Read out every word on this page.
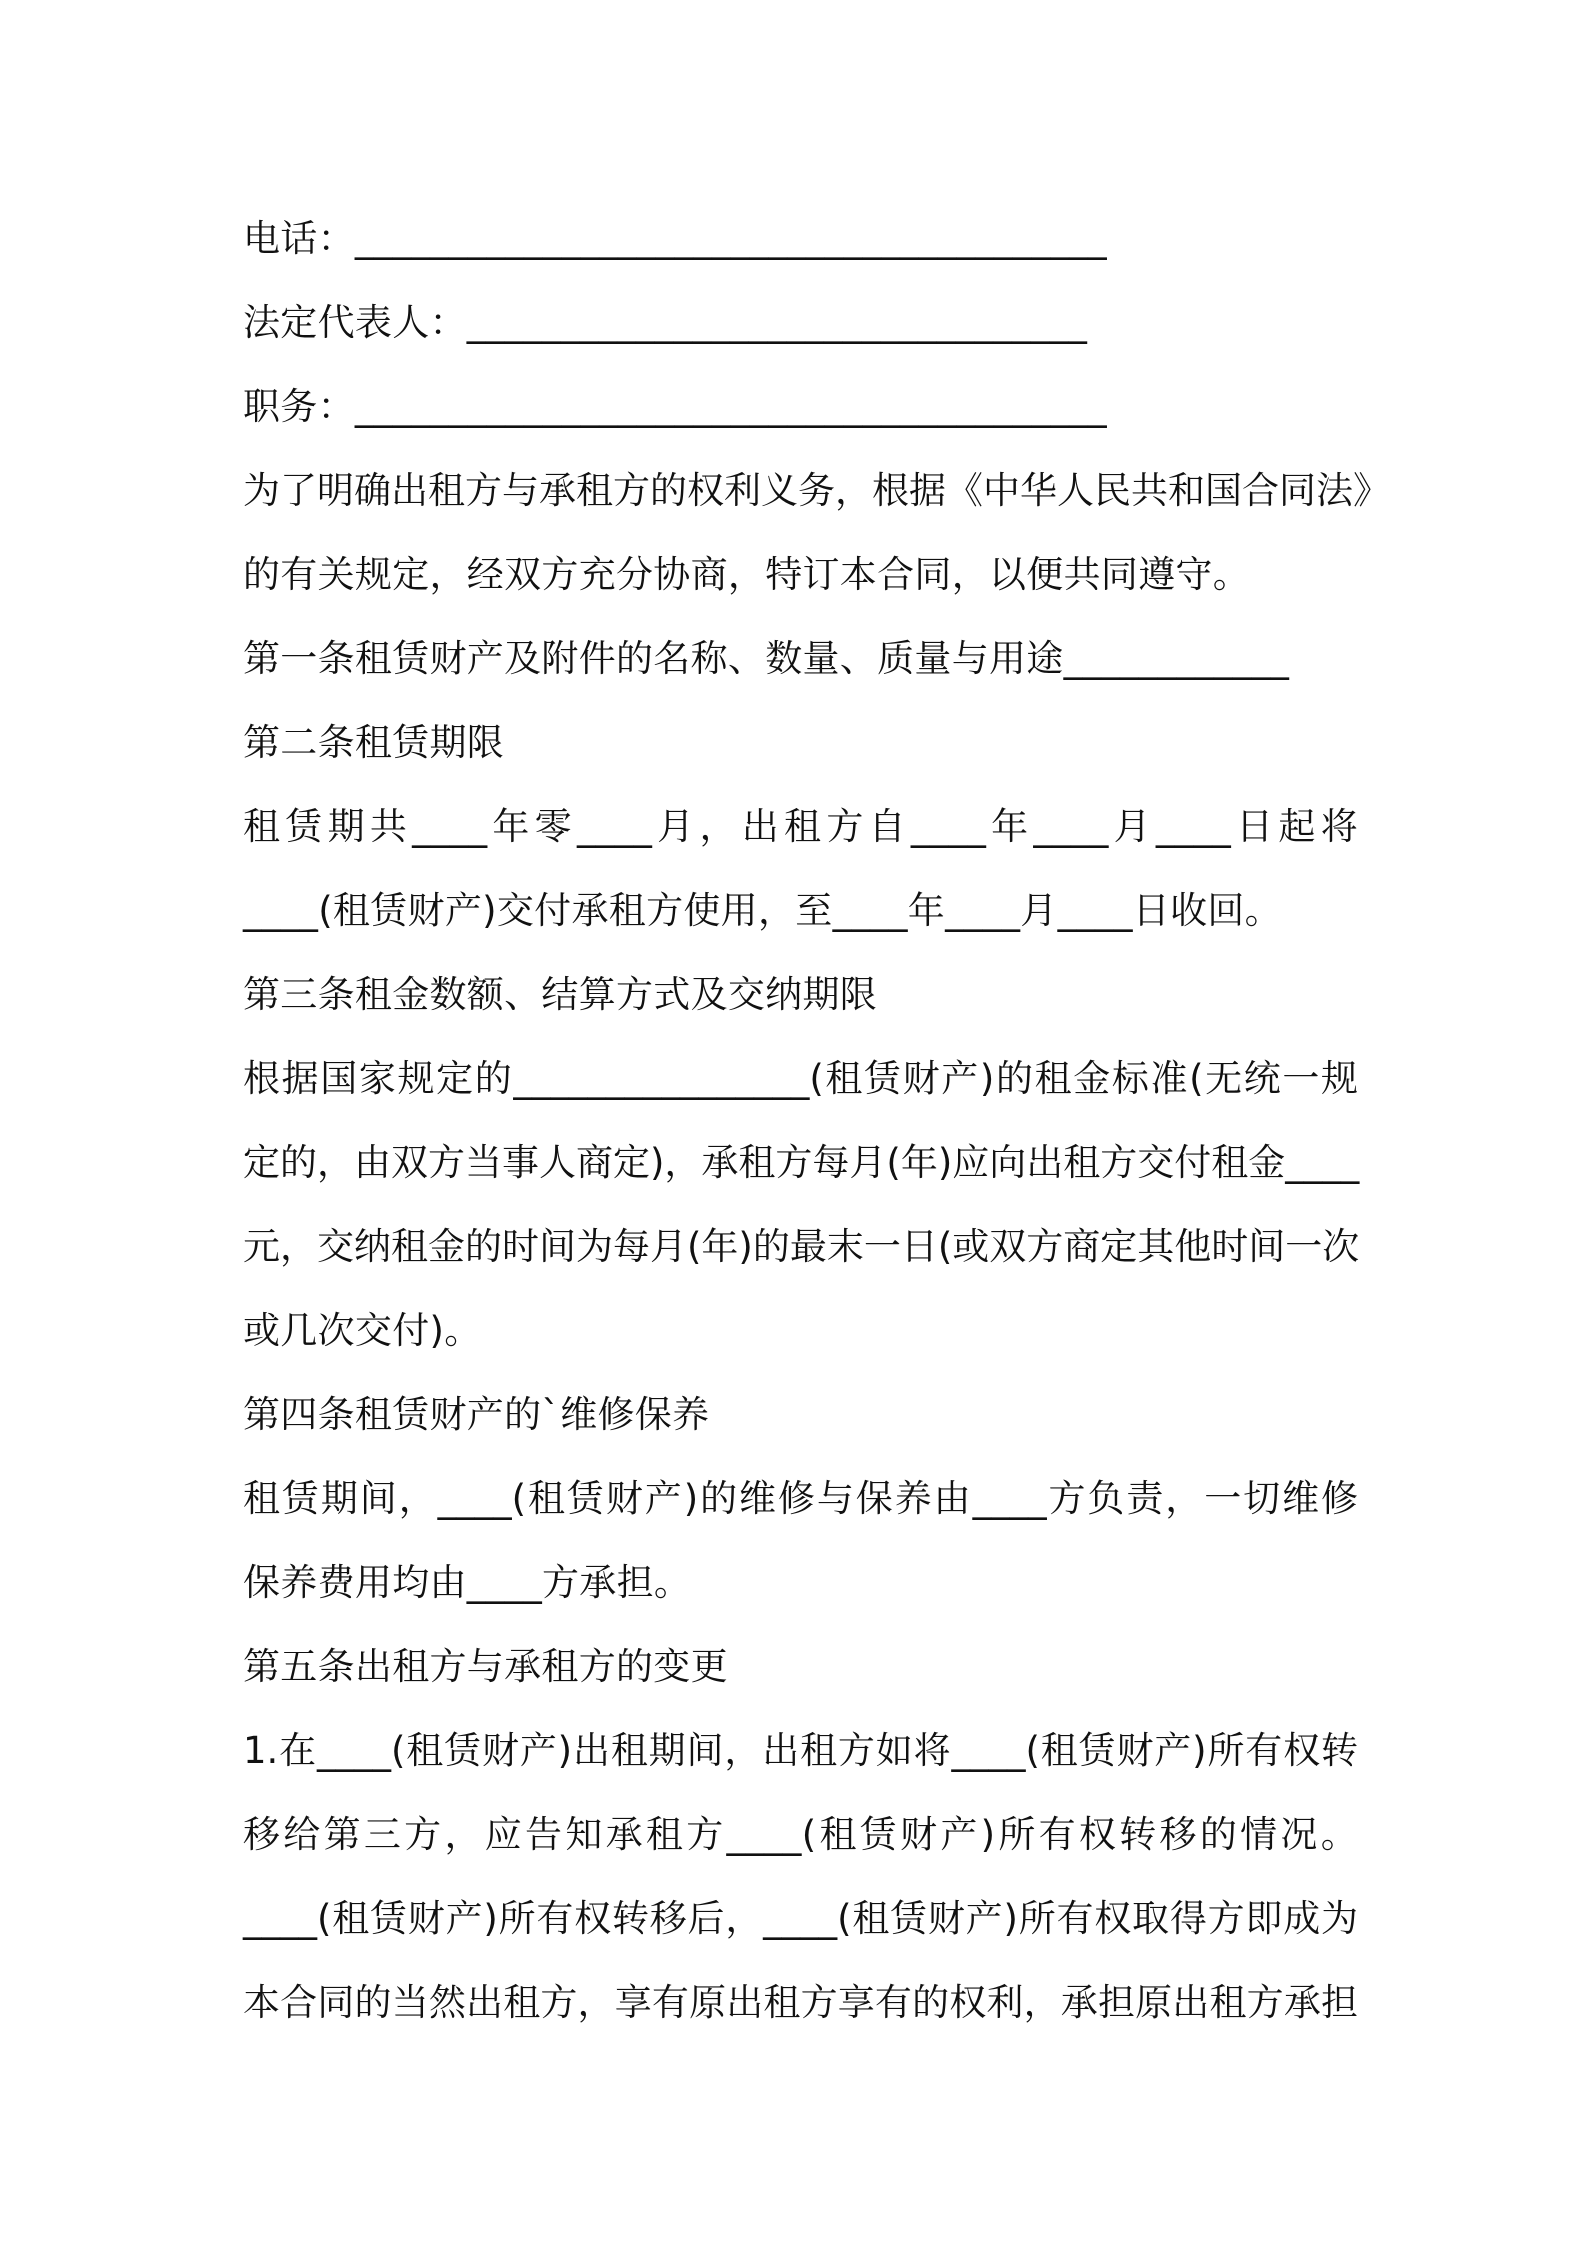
电话：________________________________________
法定代表人：_________________________________
职务：________________________________________
为了明确出租方与承租方的权利义务，根据《中华人民共和国合同法》
的有关规定，经双方充分协商，特订本合同，以便共同遵守。
第一条租赁财产及附件的名称、数量、质量与用途____________
第二条租赁期限
租赁期共____年零____月，出租方自____年____月____日起将
____(租赁财产)交付承租方使用，至____年____月____日收回。
第三条租金数额、结算方式及交纳期限
根据国家规定的________________(租赁财产)的租金标准(无统一规
定的，由双方当事人商定)，承租方每月(年)应向出租方交付租金____
元，交纳租金的时间为每月(年)的最末一日(或双方商定其他时间一次
或几次交付)。
第四条租赁财产的`维修保养
租赁期间，____(租赁财产)的维修与保养由____方负责，一切维修
保养费用均由____方承担。
第五条出租方与承租方的变更
1.在____(租赁财产)出租期间，出租方如将____(租赁财产)所有权转
移给第三方，应告知承租方____(租赁财产)所有权转移的情况。
____(租赁财产)所有权转移后，____(租赁财产)所有权取得方即成为
本合同的当然出租方，享有原出租方享有的权利，承担原出租方承担
